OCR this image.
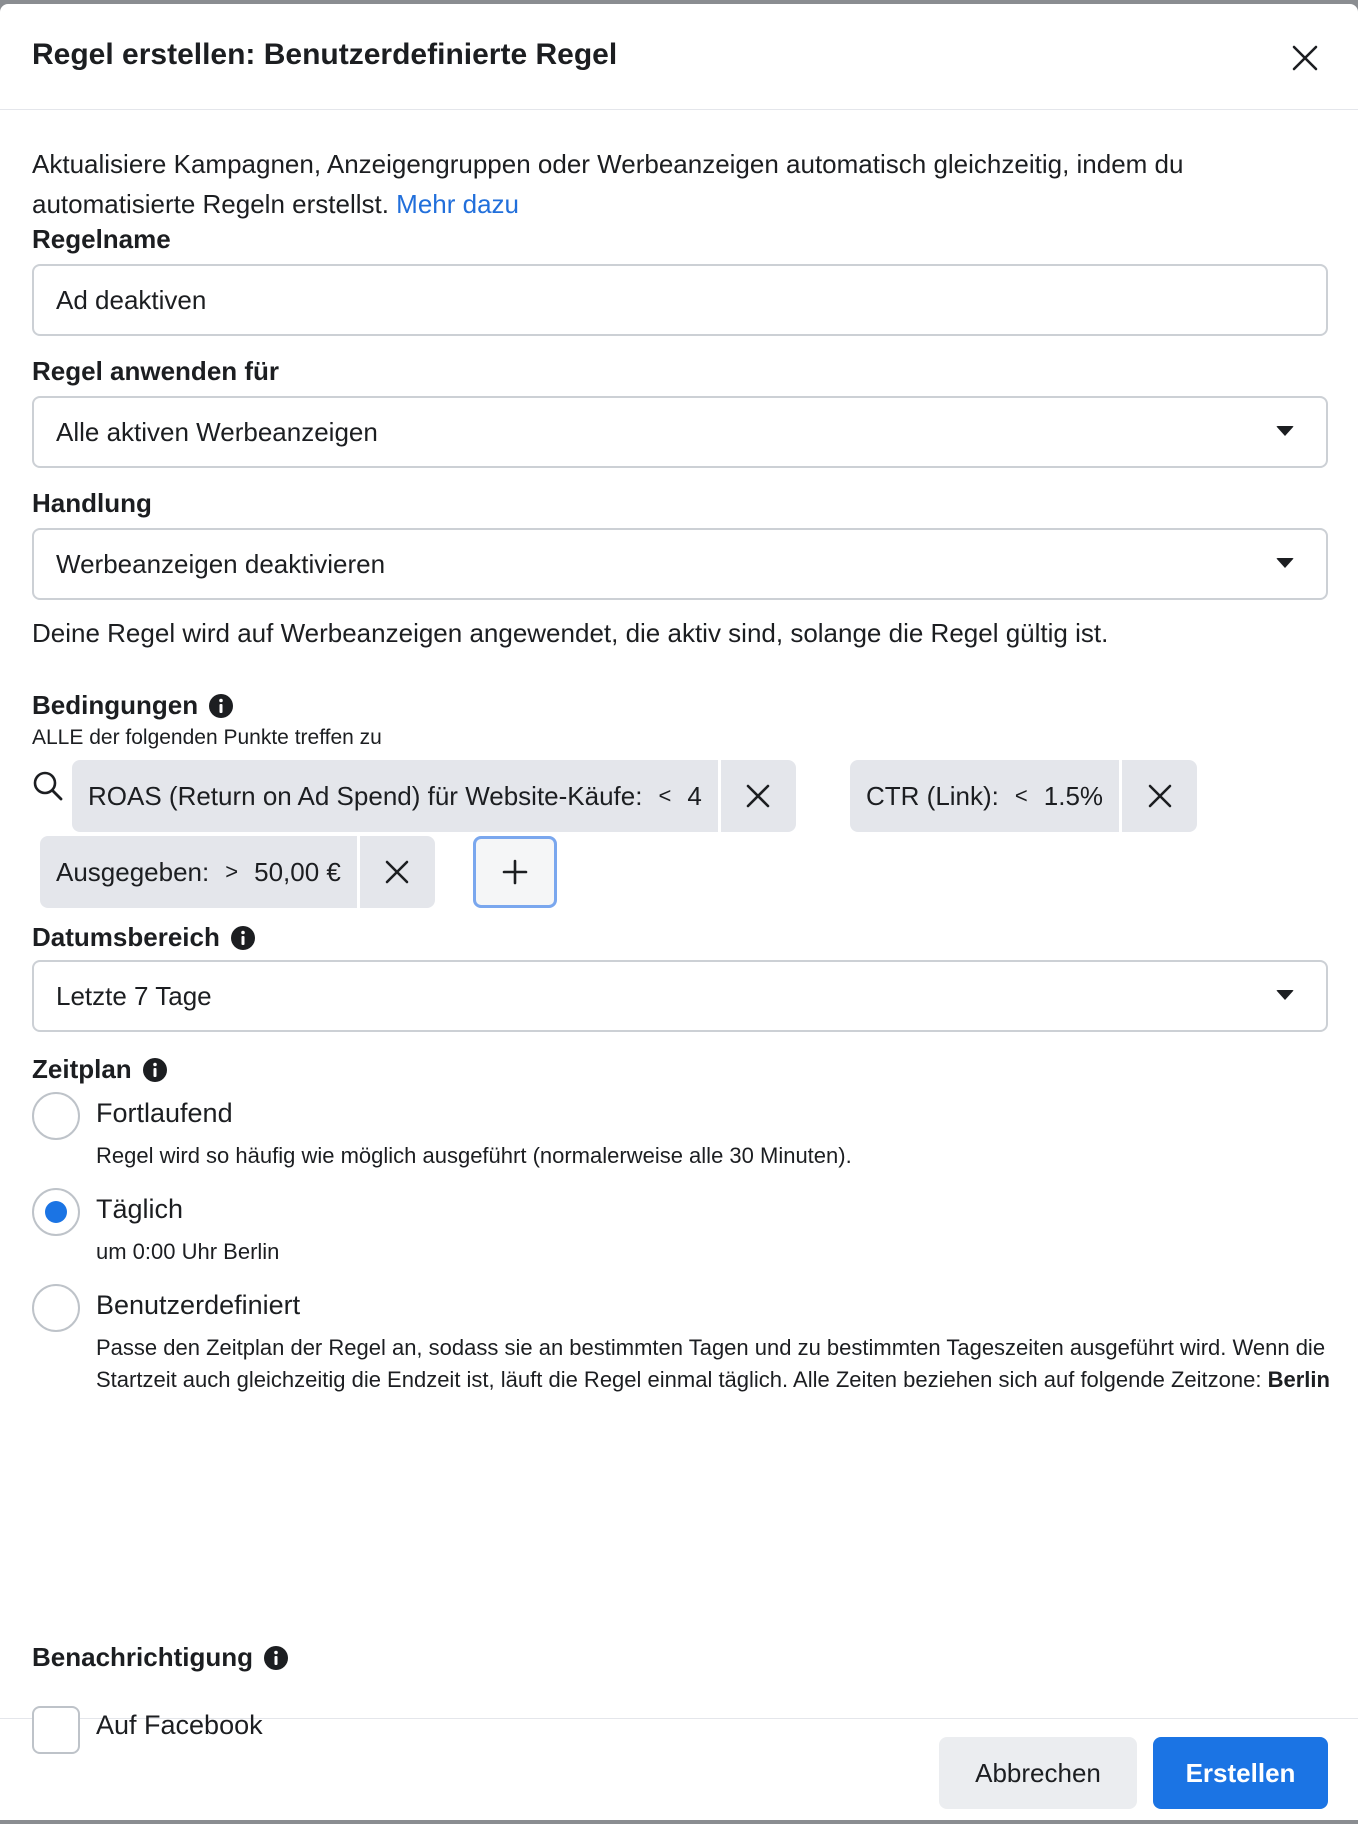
Regel erstellen: Benutzerdefinierte Regel
Aktualisiere Kampagnen, Anzeigengruppen oder Werbeanzeigen automatisch gleichzeitig, indem du automatisierte Regeln erstellst. Mehr dazu
Regelname
Ad deaktiven
Regel anwenden für
Alle aktiven Werbeanzeigen
Handlung
Werbeanzeigen deaktivieren
Deine Regel wird auf Werbeanzeigen angewendet, die aktiv sind, solange die Regel gültig ist.
Bedingungen
ALLE der folgenden Punkte treffen zu
ROAS (Return on Ad Spend) für Website-Käufe: < 4	CTR (Link): < 1.5%
Ausgegeben: > 50,00 €
Datumsbereich
Letzte 7 Tage
Zeitplan
Fortlaufend
Regel wird so häufig wie möglich ausgeführt (normalerweise alle 30 Minuten).
Täglich
um 0:00 Uhr Berlin
Benutzerdefiniert
Passe den Zeitplan der Regel an, sodass sie an bestimmten Tagen und zu bestimmten Tageszeiten ausgeführt wird. Wenn die Startzeit auch gleichzeitig die Endzeit ist, läuft die Regel einmal täglich. Alle Zeiten beziehen sich auf folgende Zeitzone: Berlin
Abbrechen	Erstellen
Benachrichtigung
Auf Facebook
